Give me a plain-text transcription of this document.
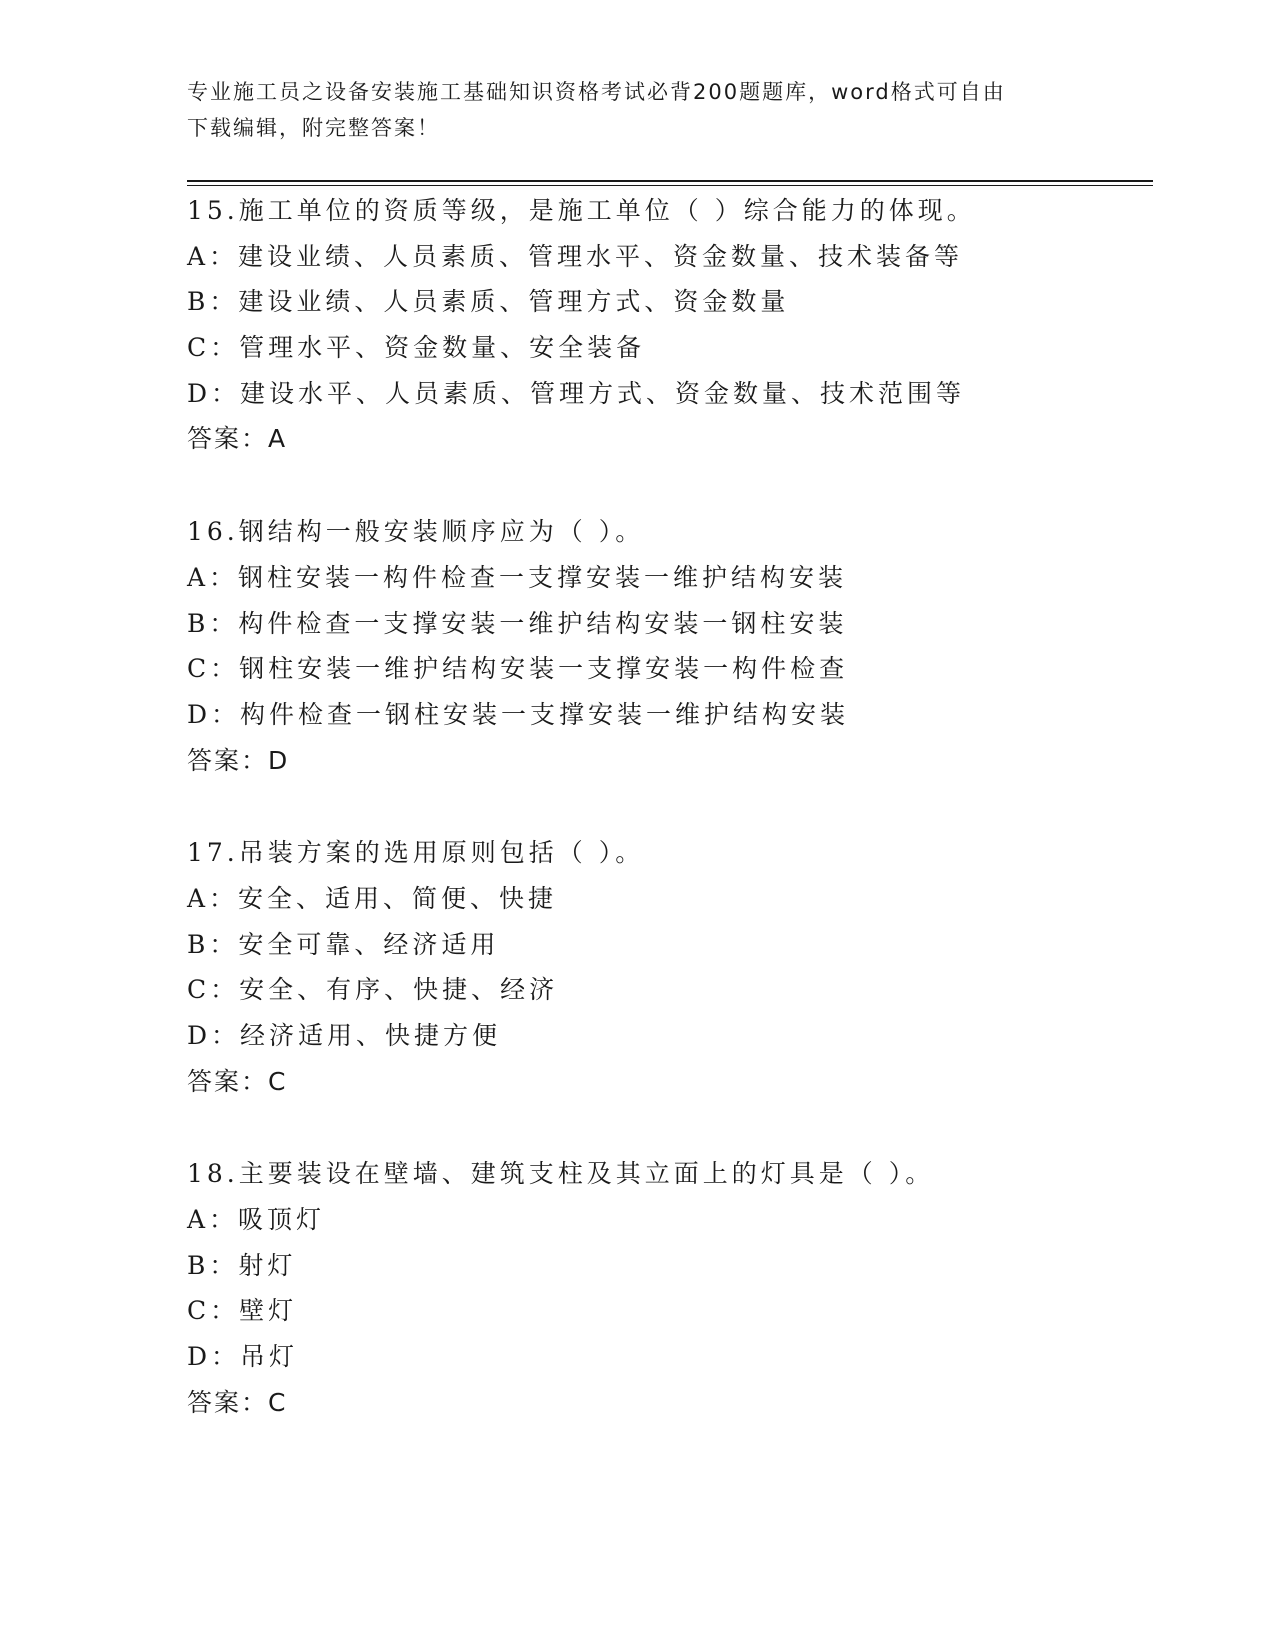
专业施工员之设备安装施工基础知识资格考试必背200题题库，word格式可自由
下载编辑，附完整答案！
15.施工单位的资质等级，是施工单位（ ）综合能力的体现。
A：建设业绩、人员素质、管理水平、资金数量、技术装备等
B：建设业绩、人员素质、管理方式、资金数量
C：管理水平、资金数量、安全装备
D：建设水平、人员素质、管理方式、资金数量、技术范围等
答案：A
16.钢结构一般安装顺序应为（ ）。
A：钢柱安装一构件检查一支撑安装一维护结构安装
B：构件检查一支撑安装一维护结构安装一钢柱安装
C：钢柱安装一维护结构安装一支撑安装一构件检查
D：构件检查一钢柱安装一支撑安装一维护结构安装
答案：D
17.吊装方案的选用原则包括（ ）。
A：安全、适用、简便、快捷
B：安全可靠、经济适用
C：安全、有序、快捷、经济
D：经济适用、快捷方便
答案：C
18.主要装设在壁墙、建筑支柱及其立面上的灯具是（ ）。
A：吸顶灯
B：射灯
C：壁灯
D：吊灯
答案：C
